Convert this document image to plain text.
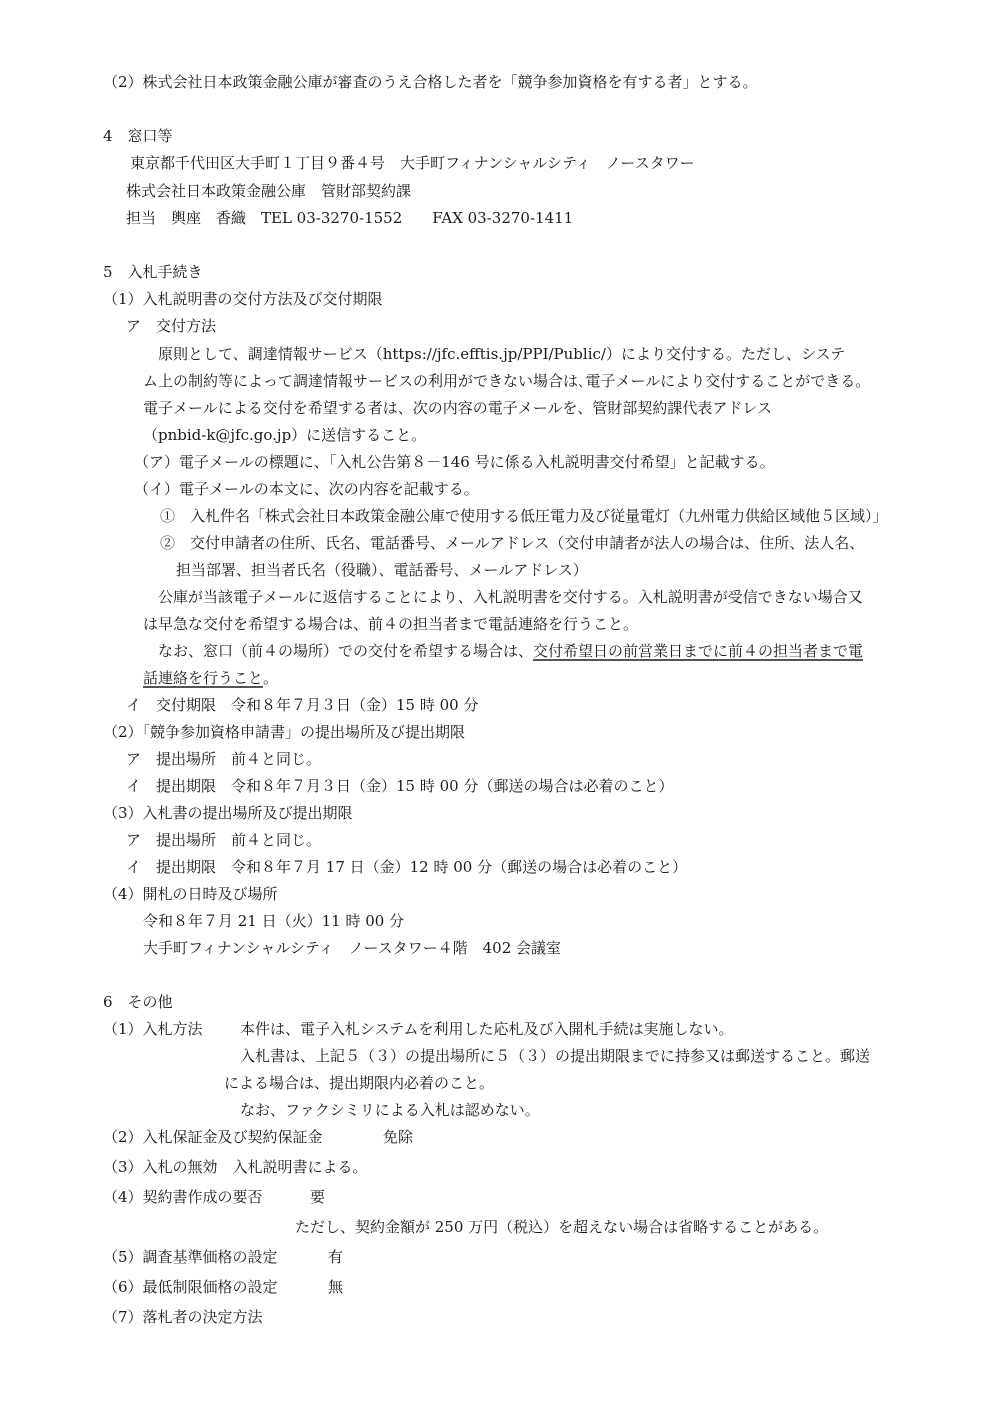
（2）株式会社日本政策金融公庫が審査のうえ合格した者を「競争参加資格を有する者」とする。
4　窓口等
東京都千代田区大手町１丁目９番４号　大手町フィナンシャルシティ　ノースタワー
株式会社日本政策金融公庫　管財部契約課
担当　輿座　香織　TEL 03-3270-1552　　FAX 03-3270-1411
5　入札手続き
（1）入札説明書の交付方法及び交付期限
ア　交付方法
原則として、調達情報サービス（https://jfc.efftis.jp/PPI/Public/）により交付する。ただし、システ
ム上の制約等によって調達情報サービスの利用ができない場合は､電子メールにより交付することができる。
電子メールによる交付を希望する者は、次の内容の電子メールを、管財部契約課代表アドレス
（pnbid-k@jfc.go.jp）に送信すること。
（ア）電子メールの標題に、「入札公告第８－146 号に係る入札説明書交付希望」と記載する。
（イ）電子メールの本文に、次の内容を記載する。
①　入札件名「株式会社日本政策金融公庫で使用する低圧電力及び従量電灯（九州電力供給区域他５区域）」
②　交付申請者の住所、氏名、電話番号、メールアドレス（交付申請者が法人の場合は、住所、法人名、
担当部署、担当者氏名（役職）、電話番号、メールアドレス）
公庫が当該電子メールに返信することにより、入札説明書を交付する。入札説明書が受信できない場合又
は早急な交付を希望する場合は、前４の担当者まで電話連絡を行うこと。
なお、窓口（前４の場所）での交付を希望する場合は、交付希望日の前営業日までに前４の担当者まで電
話連絡を行うこと。
イ　交付期限　令和８年７月３日（金）15 時 00 分
（2）「競争参加資格申請書」の提出場所及び提出期限
ア　提出場所　前４と同じ。
イ　提出期限　令和８年７月３日（金）15 時 00 分（郵送の場合は必着のこと）
（3）入札書の提出場所及び提出期限
ア　提出場所　前４と同じ。
イ　提出期限　令和８年７月 17 日（金）12 時 00 分（郵送の場合は必着のこと）
（4）開札の日時及び場所
令和８年７月 21 日（火）11 時 00 分
大手町フィナンシャルシティ　ノースタワー４階　402 会議室
6　その他
（1）入札方法 本件は、電子入札システムを利用した応札及び入開札手続は実施しない。
入札書は、上記５（３）の提出場所に５（３）の提出期限までに持参又は郵送すること。郵送
による場合は、提出期限内必着のこと。
なお、ファクシミリによる入札は認めない。
（2）入札保証金及び契約保証金	免除
（3）入札の無効　入札説明書による。
（4）契約書作成の要否	要
ただし、契約金額が 250 万円（税込）を超えない場合は省略することがある。
（5）調査基準価格の設定	有
（6）最低制限価格の設定	無
（7）落札者の決定方法
